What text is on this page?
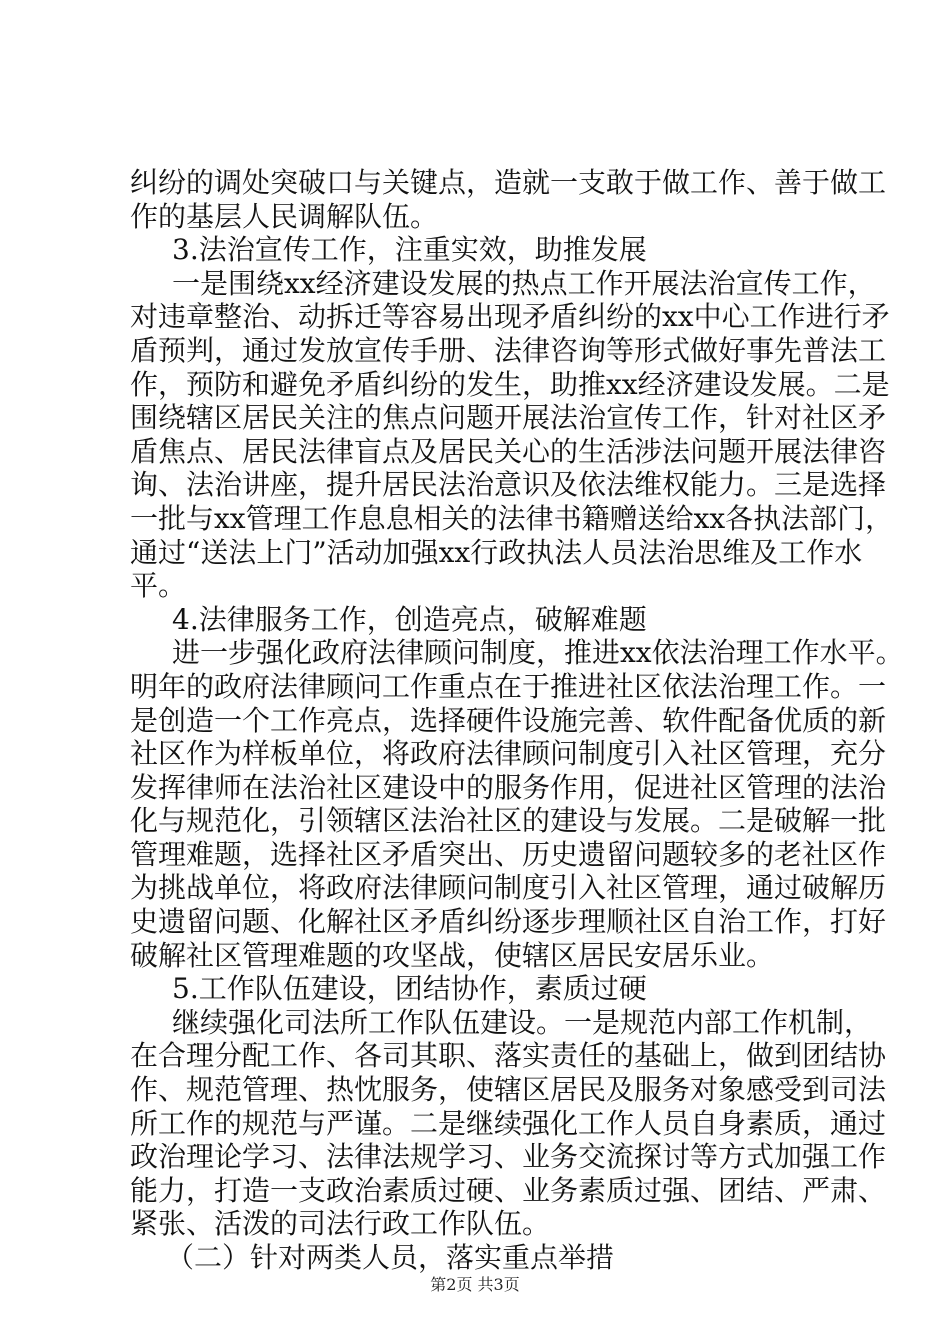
纠纷的调处突破口与关键点，造就一支敢于做工作、善于做工
作的基层人民调解队伍。
3.法治宣传工作，注重实效，助推发展
一是围绕xx经济建设发展的热点工作开展法治宣传工作，
对违章整治、动拆迁等容易出现矛盾纠纷的xx中心工作进行矛
盾预判，通过发放宣传手册、法律咨询等形式做好事先普法工
作，预防和避免矛盾纠纷的发生，助推xx经济建设发展。二是
围绕辖区居民关注的焦点问题开展法治宣传工作，针对社区矛
盾焦点、居民法律盲点及居民关心的生活涉法问题开展法律咨
询、法治讲座，提升居民法治意识及依法维权能力。三是选择
一批与xx管理工作息息相关的法律书籍赠送给xx各执法部门，
通过“送法上门”活动加强xx行政执法人员法治思维及工作水
平。
4.法律服务工作，创造亮点，破解难题
进一步强化政府法律顾问制度，推进xx依法治理工作水平。
明年的政府法律顾问工作重点在于推进社区依法治理工作。一
是创造一个工作亮点，选择硬件设施完善、软件配备优质的新
社区作为样板单位，将政府法律顾问制度引入社区管理，充分
发挥律师在法治社区建设中的服务作用，促进社区管理的法治
化与规范化，引领辖区法治社区的建设与发展。二是破解一批
管理难题，选择社区矛盾突出、历史遗留问题较多的老社区作
为挑战单位，将政府法律顾问制度引入社区管理，通过破解历
史遗留问题、化解社区矛盾纠纷逐步理顺社区自治工作，打好
破解社区管理难题的攻坚战，使辖区居民安居乐业。
5.工作队伍建设，团结协作，素质过硬
继续强化司法所工作队伍建设。一是规范内部工作机制，
在合理分配工作、各司其职、落实责任的基础上，做到团结协
作、规范管理、热忱服务，使辖区居民及服务对象感受到司法
所工作的规范与严谨。二是继续强化工作人员自身素质，通过
政治理论学习、法律法规学习、业务交流探讨等方式加强工作
能力，打造一支政治素质过硬、业务素质过强、团结、严肃、
紧张、活泼的司法行政工作队伍。
（二）针对两类人员，落实重点举措
第2页 共3页
